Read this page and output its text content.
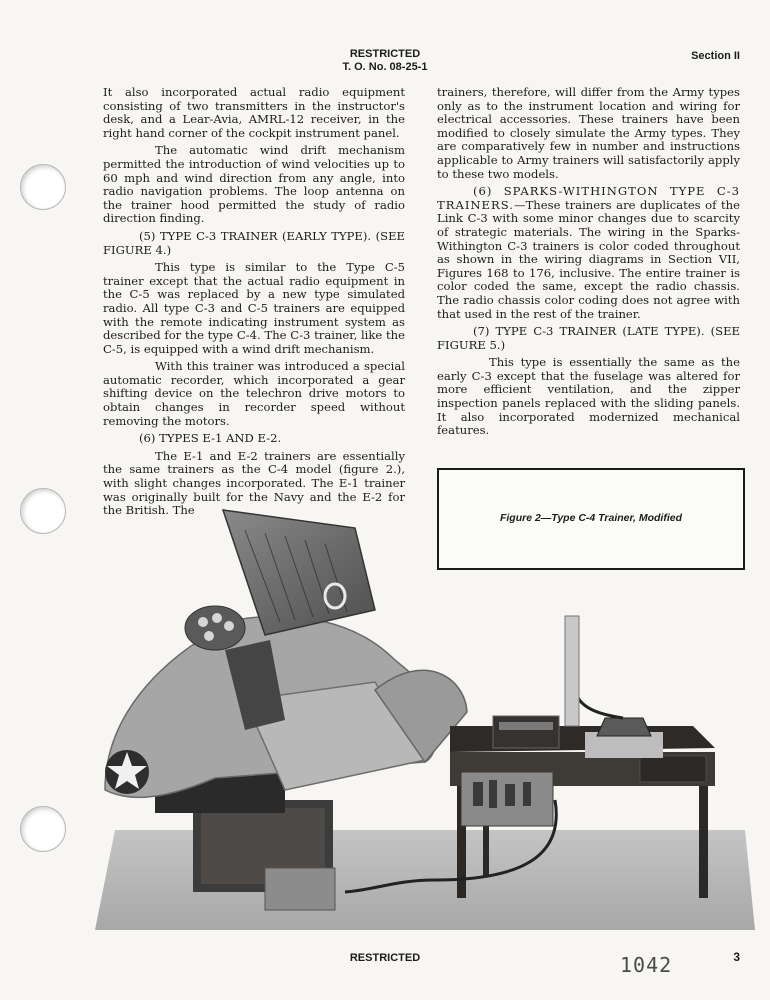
RESTRICTED
T. O. No. 08-25-1
Section II

It also incorporated actual radio equipment consisting of two transmitters in the instructor's desk, and a Lear-Avia, AMRL-12 receiver, in the right hand corner of the cockpit instrument panel.

The automatic wind drift mechanism permitted the introduction of wind velocities up to 60 mph and wind direction from any angle, into radio navigation problems. The loop antenna on the trainer hood permitted the study of radio direction finding.

(5) TYPE C-3 TRAINER (EARLY TYPE). (SEE FIGURE 4.)

This type is similar to the Type C-5 trainer except that the actual radio equipment in the C-5 was replaced by a new type simulated radio. All type C-3 and C-5 trainers are equipped with the remote indicating instrument system as described for the type C-4. The C-3 trainer, like the C-5, is equipped with a wind drift mechanism.

With this trainer was introduced a special automatic recorder, which incorporated a gear shifting device on the telechron drive motors to obtain changes in recorder speed without removing the motors.

(6) TYPES E-1 AND E-2.

The E-1 and E-2 trainers are essentially the same trainers as the C-4 model (figure 2.), with slight changes incorporated. The E-1 trainer was originally built for the Navy and the E-2 for the British. The

trainers, therefore, will differ from the Army types only as to the instrument location and wiring for electrical accessories. These trainers have been modified to closely simulate the Army types. They are comparatively few in number and instructions applicable to Army trainers will satisfactorily apply to these two models.

(6) SPARKS-WITHINGTON TYPE C-3 TRAINERS.—These trainers are duplicates of the Link C-3 with some minor changes due to scarcity of strategic materials. The wiring in the Sparks-Withington C-3 trainers is color coded throughout as shown in the wiring diagrams in Section VII, Figures 168 to 176, inclusive. The entire trainer is color coded the same, except the radio chassis. The radio chassis color coding does not agree with that used in the rest of the trainer.

(7) TYPE C-3 TRAINER (LATE TYPE). (SEE FIGURE 5.)

This type is essentially the same as the early C-3 except that the fuselage was altered for more efficient ventilation, and the zipper inspection panels replaced with the sliding panels. It also incorporated modernized mechanical features.

Figure 2—Type C-4 Trainer, Modified
RESTRICTED	1042	3
